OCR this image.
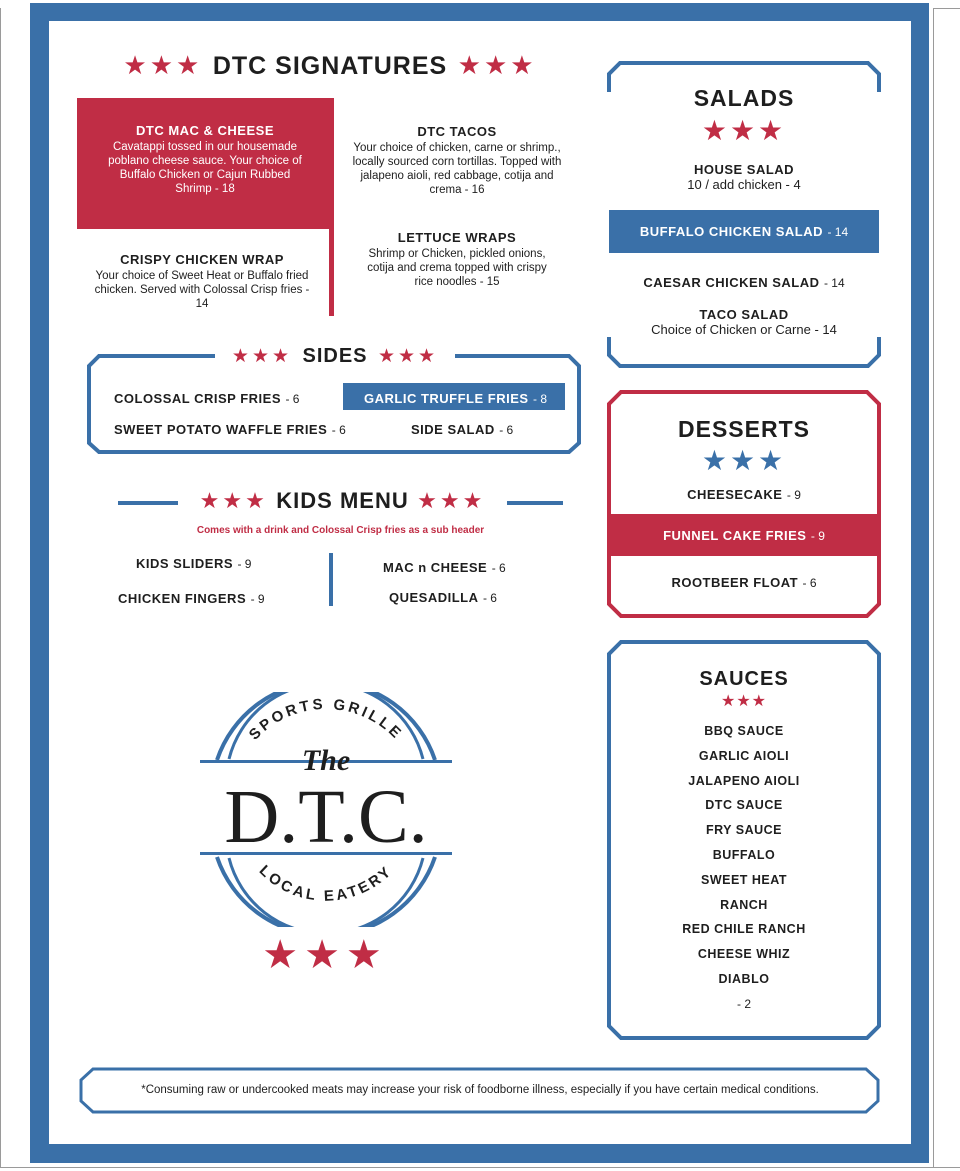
★★★ DTC SIGNATURES ★★★
DTC MAC & CHEESE
Cavatappi tossed in our housemade poblano cheese sauce. Your choice of Buffalo Chicken or Cajun Rubbed Shrimp - 18
DTC TACOS
Your choice of chicken, carne or shrimp., locally sourced corn tortillas. Topped with jalapeno aioli, red cabbage, cotija and crema - 16
CRISPY CHICKEN WRAP
Your choice of Sweet Heat or Buffalo fried chicken. Served with Colossal Crisp fries - 14
LETTUCE WRAPS
Shrimp or Chicken, pickled onions, cotija and crema topped with crispy rice noodles - 15
★★★ SIDES ★★★
COLOSSAL CRISP FRIES - 6	GARLIC TRUFFLE FRIES - 8
SWEET POTATO WAFFLE FRIES - 6	SIDE SALAD - 6
★★★ KIDS MENU ★★★
Comes with a drink and Colossal Crisp fries as a sub header
KIDS SLIDERS - 9
CHICKEN FINGERS - 9
MAC n CHEESE - 6
QUESADILLA - 6
SALADS
★★★
HOUSE SALAD
10 / add chicken - 4
BUFFALO CHICKEN SALAD - 14
CAESAR CHICKEN SALAD - 14
TACO SALAD
Choice of Chicken or Carne - 14
DESSERTS
★★★
CHEESECAKE - 9
FUNNEL CAKE FRIES - 9
ROOTBEER FLOAT - 6
SAUCES
★★★
BBQ SAUCE
GARLIC AIOLI
JALAPENO AIOLI
DTC SAUCE
FRY SAUCE
BUFFALO
SWEET HEAT
RANCH
RED CHILE RANCH
CHEESE WHIZ
DIABLO
- 2
SPORTS GRILLE
LOCAL EATERY
The
D.T.C.
★★★
*Consuming raw or undercooked meats may increase your risk of foodborne illness, especially if you have certain medical conditions.
